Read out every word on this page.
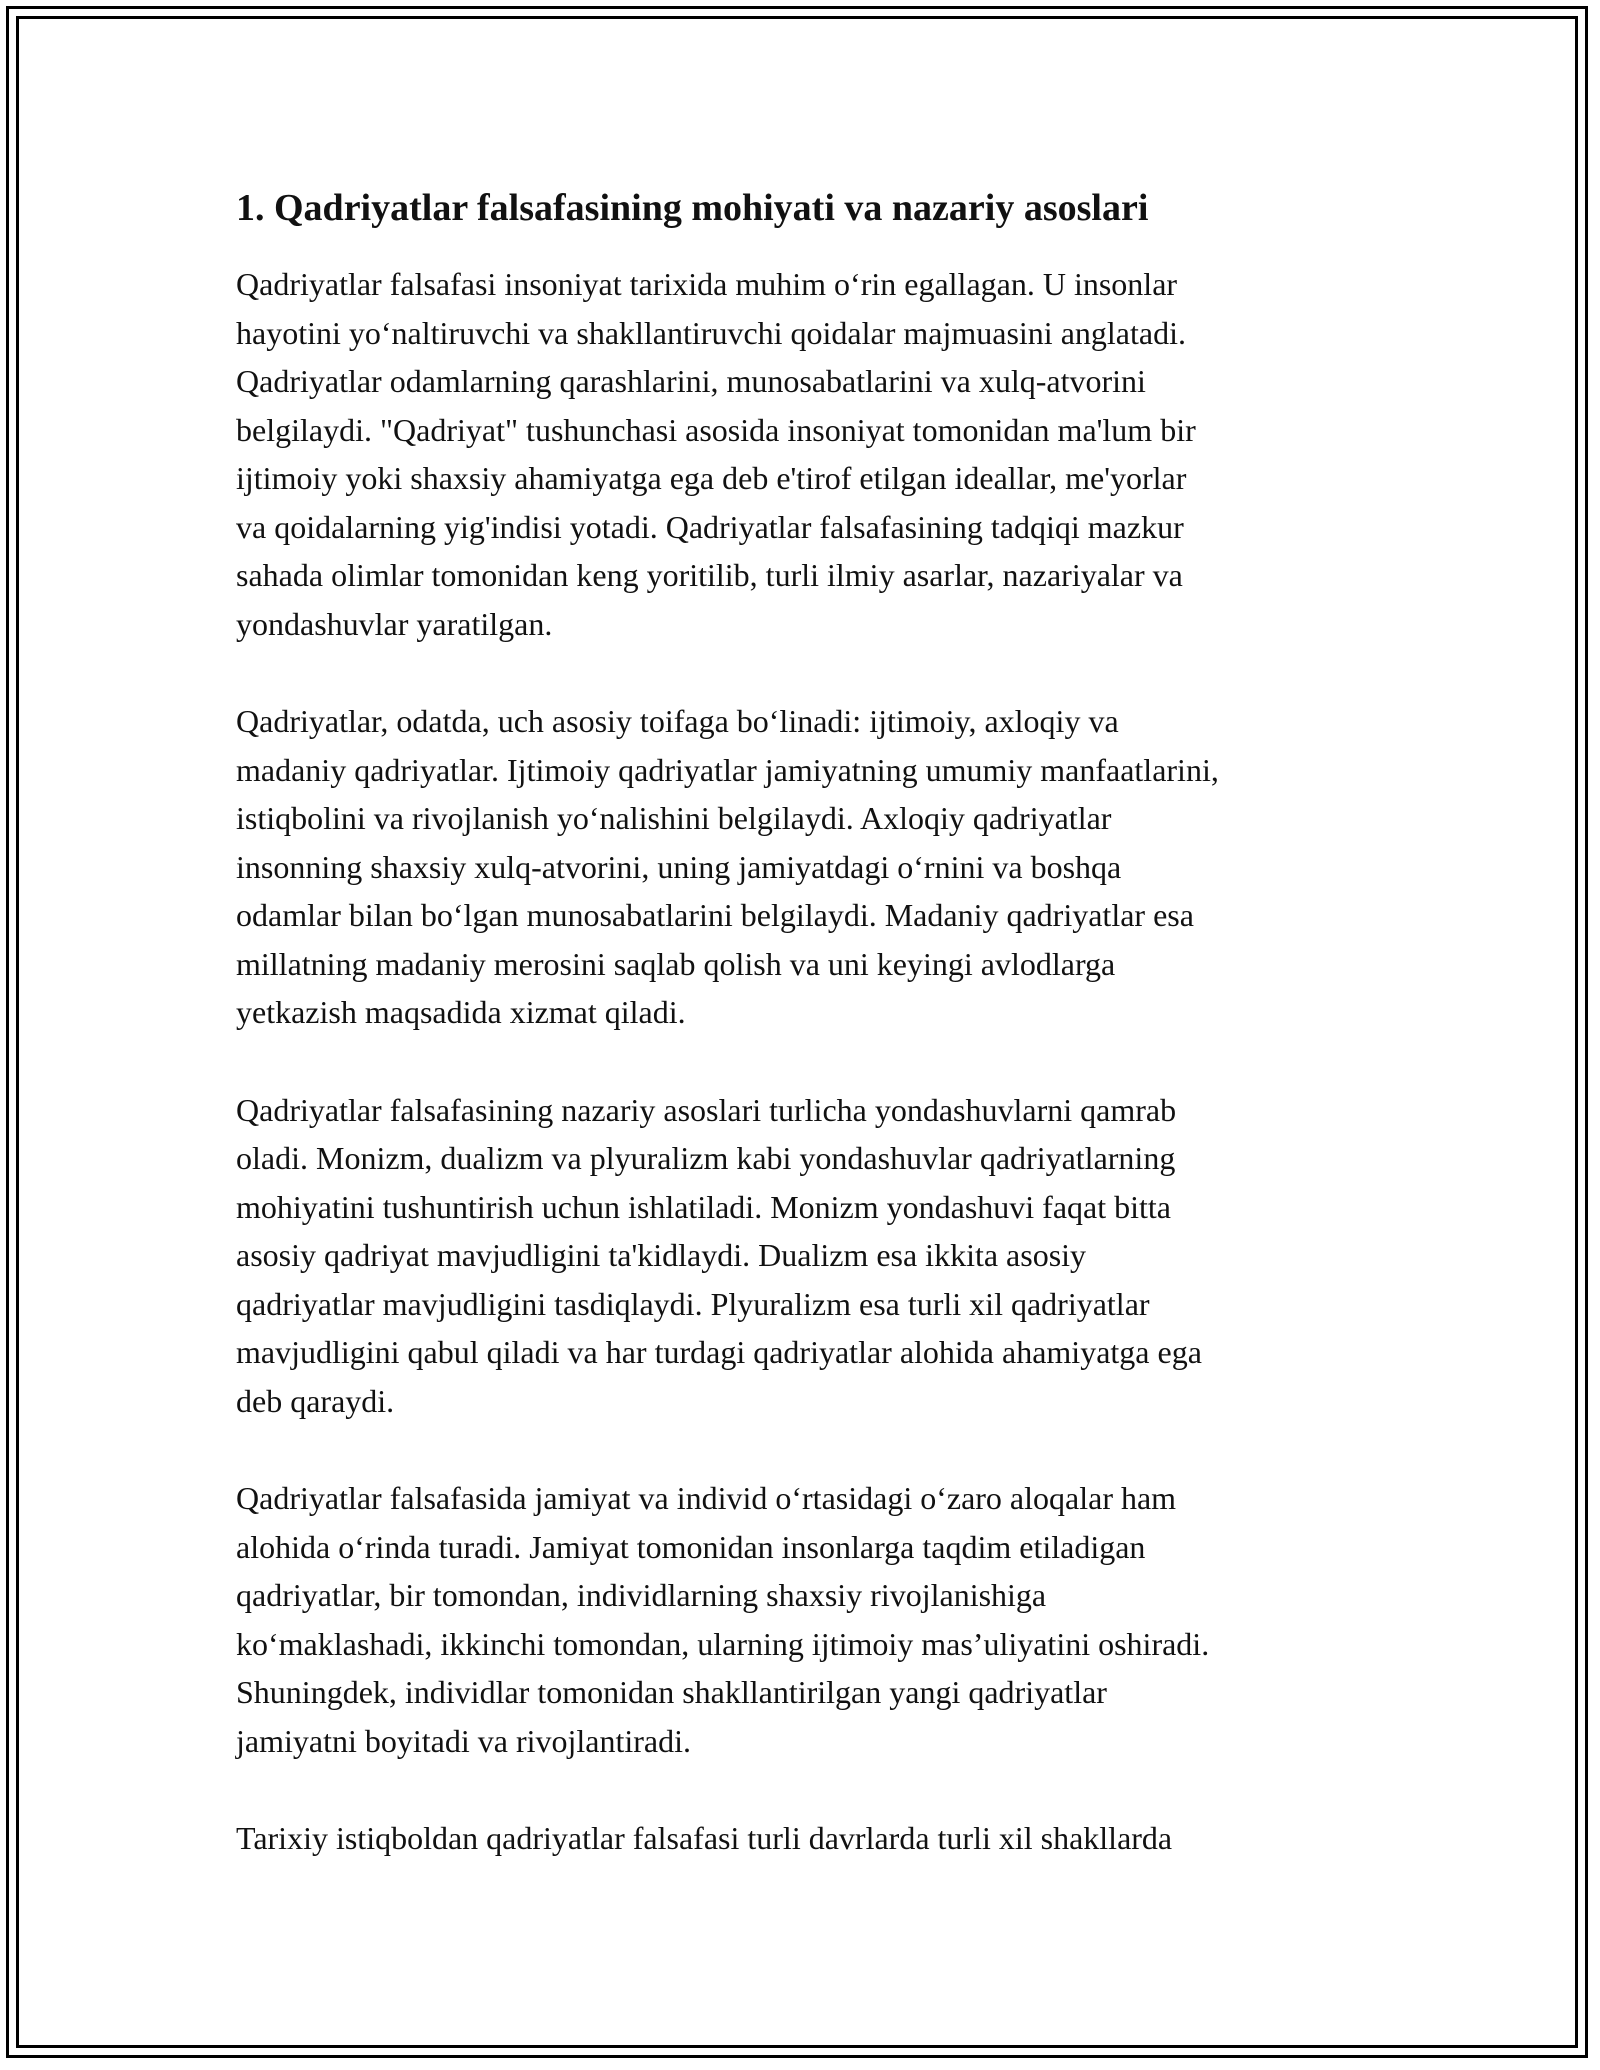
1. Qadriyatlar falsafasining mohiyati va nazariy asoslari
Qadriyatlar falsafasi insoniyat tarixida muhim o‘rin egallagan. U insonlar
hayotini yo‘naltiruvchi va shakllantiruvchi qoidalar majmuasini anglatadi.
Qadriyatlar odamlarning qarashlarini, munosabatlarini va xulq-atvorini
belgilaydi. "Qadriyat" tushunchasi asosida insoniyat tomonidan ma'lum bir
ijtimoiy yoki shaxsiy ahamiyatga ega deb e'tirof etilgan ideallar, me'yorlar
va qoidalarning yig'indisi yotadi. Qadriyatlar falsafasining tadqiqi mazkur
sahada olimlar tomonidan keng yoritilib, turli ilmiy asarlar, nazariyalar va
yondashuvlar yaratilgan.
Qadriyatlar, odatda, uch asosiy toifaga bo‘linadi: ijtimoiy, axloqiy va
madaniy qadriyatlar. Ijtimoiy qadriyatlar jamiyatning umumiy manfaatlarini,
istiqbolini va rivojlanish yo‘nalishini belgilaydi. Axloqiy qadriyatlar
insonning shaxsiy xulq-atvorini, uning jamiyatdagi o‘rnini va boshqa
odamlar bilan bo‘lgan munosabatlarini belgilaydi. Madaniy qadriyatlar esa
millatning madaniy merosini saqlab qolish va uni keyingi avlodlarga
yetkazish maqsadida xizmat qiladi.
Qadriyatlar falsafasining nazariy asoslari turlicha yondashuvlarni qamrab
oladi. Monizm, dualizm va plyuralizm kabi yondashuvlar qadriyatlarning
mohiyatini tushuntirish uchun ishlatiladi. Monizm yondashuvi faqat bitta
asosiy qadriyat mavjudligini ta'kidlaydi. Dualizm esa ikkita asosiy
qadriyatlar mavjudligini tasdiqlaydi. Plyuralizm esa turli xil qadriyatlar
mavjudligini qabul qiladi va har turdagi qadriyatlar alohida ahamiyatga ega
deb qaraydi.
Qadriyatlar falsafasida jamiyat va individ o‘rtasidagi o‘zaro aloqalar ham
alohida o‘rinda turadi. Jamiyat tomonidan insonlarga taqdim etiladigan
qadriyatlar, bir tomondan, individlarning shaxsiy rivojlanishiga
ko‘maklashadi, ikkinchi tomondan, ularning ijtimoiy mas’uliyatini oshiradi.
Shuningdek, individlar tomonidan shakllantirilgan yangi qadriyatlar
jamiyatni boyitadi va rivojlantiradi.
Tarixiy istiqboldan qadriyatlar falsafasi turli davrlarda turli xil shakllarda
